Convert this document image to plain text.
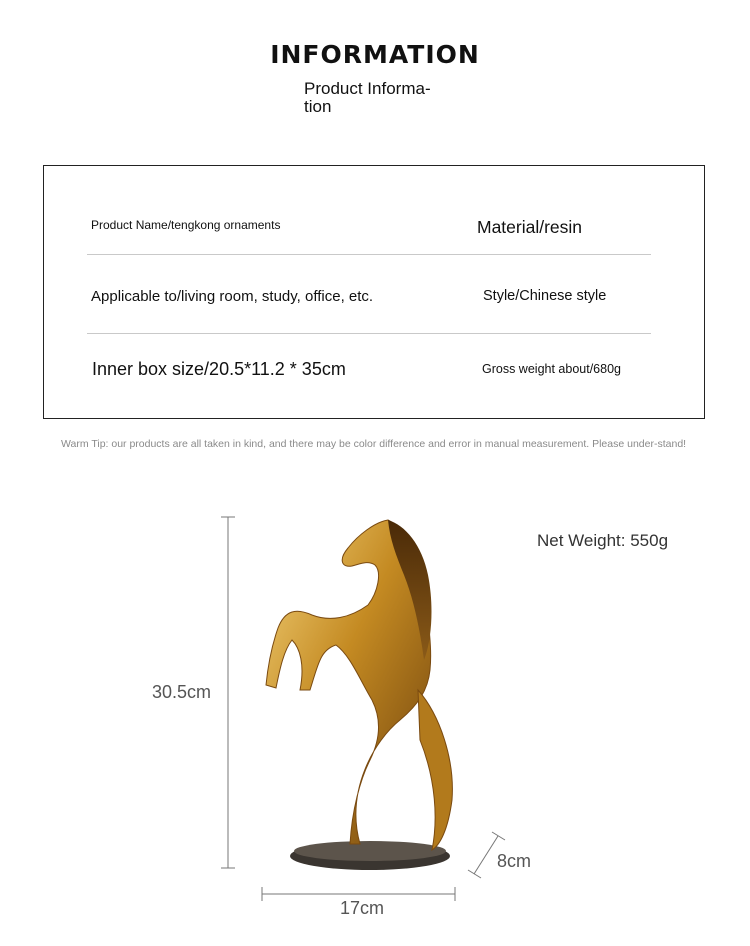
INFORMATION
Product Informa-
tion
Product Name/tengkong ornaments	Material/resin
Applicable to/living room, study, office, etc.	Style/Chinese style
Inner box size/20.5*11.2 * 35cm	Gross weight about/680g
Warm Tip: our products are all taken in kind, and there may be color difference and error in manual measurement. Please under-stand!
Net Weight: 550g
30.5cm
8cm
17cm
